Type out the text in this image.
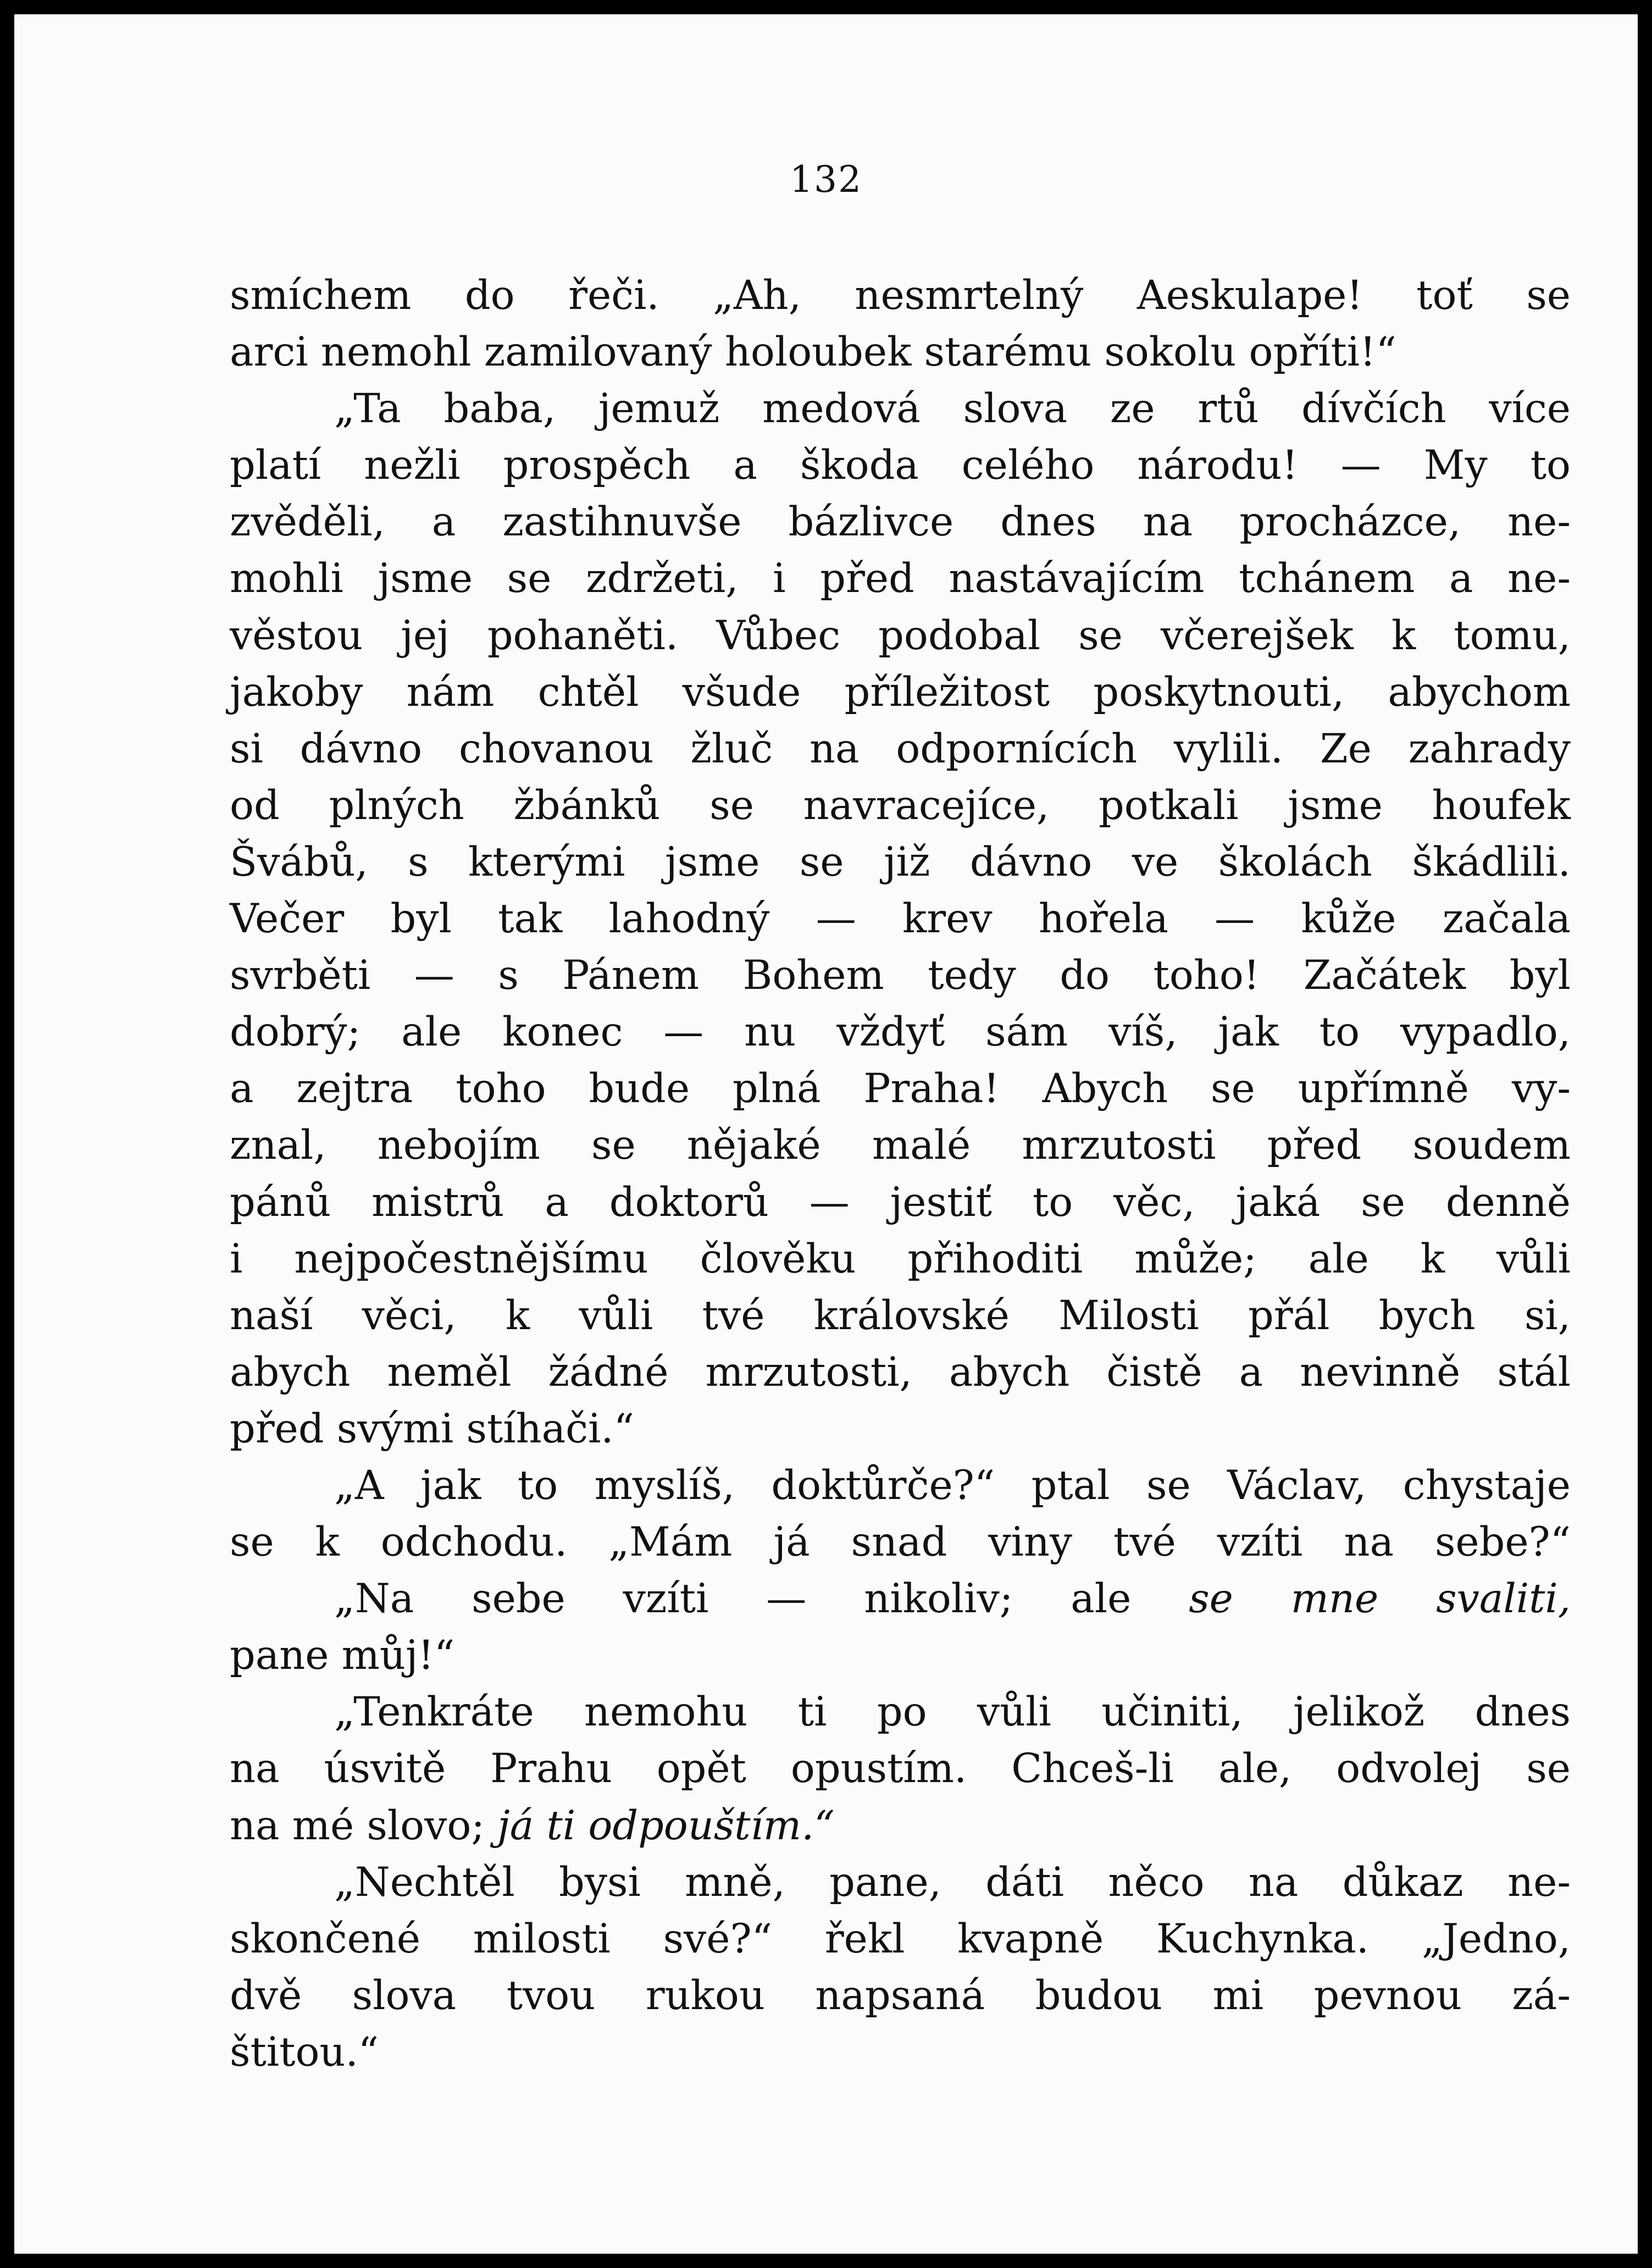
132
smíchem do řeči. „Ah, nesmrtelný Aeskulape! toť se
arci nemohl zamilovaný holoubek starému sokolu opříti!“
„Ta baba, jemuž medová slova ze rtů dívčích více
platí nežli prospěch a škoda celého národu! — My to
zvěděli, a zastihnuvše bázlivce dnes na procházce, ne-
mohli jsme se zdržeti, i před nastávajícím tchánem a ne-
věstou jej pohaněti. Vůbec podobal se včerejšek k tomu,
jakoby nám chtěl všude příležitost poskytnouti, abychom
si dávno chovanou žluč na odpornících vylili. Ze zahrady
od plných žbánků se navracejíce, potkali jsme houfek
Švábů, s kterými jsme se již dávno ve školách škádlili.
Večer byl tak lahodný — krev hořela — kůže začala
svrběti — s Pánem Bohem tedy do toho! Začátek byl
dobrý; ale konec — nu vždyť sám víš, jak to vypadlo,
a zejtra toho bude plná Praha! Abych se upřímně vy-
znal, nebojím se nějaké malé mrzutosti před soudem
pánů mistrů a doktorů — jestiť to věc, jaká se denně
i nejpočestnějšímu člověku přihoditi může; ale k vůli
naší věci, k vůli tvé královské Milosti přál bych si,
abych neměl žádné mrzutosti, abych čistě a nevinně stál
před svými stíhači.“
„A jak to myslíš, doktůrče?“ ptal se Václav, chystaje
se k odchodu. „Mám já snad viny tvé vzíti na sebe?“
„Na sebe vzíti — nikoliv; ale se mne svaliti,
pane můj!“
„Tenkráte nemohu ti po vůli učiniti, jelikož dnes
na úsvitě Prahu opět opustím. Chceš-li ale, odvolej se
na mé slovo; já ti odpouštím.“
„Nechtěl bysi mně, pane, dáti něco na důkaz ne-
skončené milosti své?“ řekl kvapně Kuchynka. „Jedno,
dvě slova tvou rukou napsaná budou mi pevnou zá-
štitou.“
